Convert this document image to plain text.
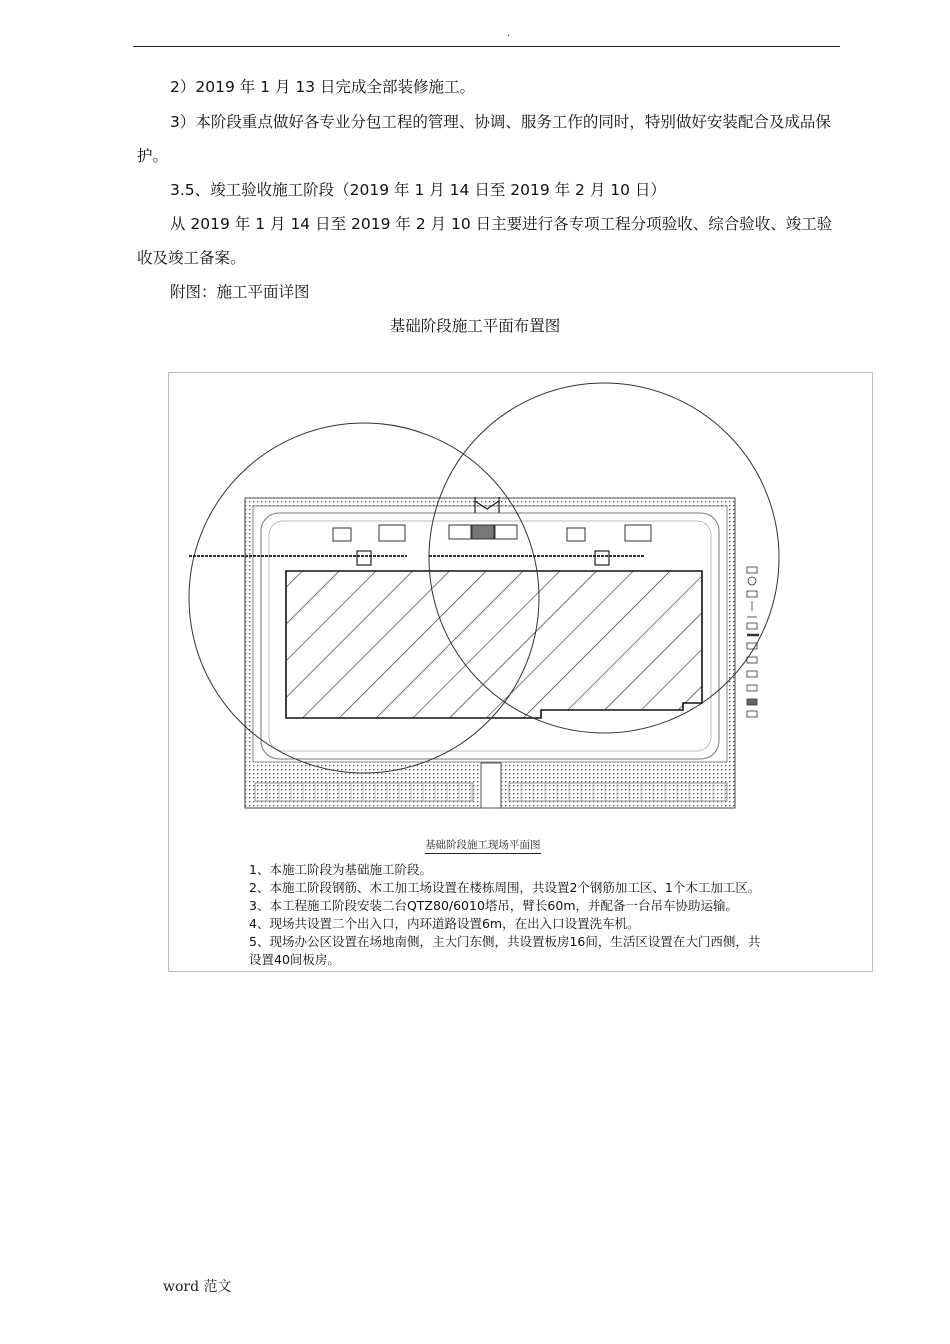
.
2）2019 年 1 月 13 日完成全部装修施工。
3）本阶段重点做好各专业分包工程的管理、协调、服务工作的同时，特别做好安装配合及成品保护。
3.5、竣工验收施工阶段（2019 年 1 月 14 日至 2019 年 2 月 10 日）
从 2019 年 1 月 14 日至 2019 年 2 月 10 日主要进行各专项工程分项验收、综合验收、竣工验收及竣工备案。
附图：施工平面详图
基础阶段施工平面布置图
基础阶段施工现场平面图
1、本施工阶段为基础施工阶段。
2、本施工阶段钢筋、木工加工场设置在楼栋周围，共设置2个钢筋加工区、1个木工加工区。
3、本工程施工阶段安装二台QTZ80/6010塔吊，臂长60m，并配备一台吊车协助运输。
4、现场共设置二个出入口，内环道路设置6m，在出入口设置洗车机。
5、现场办公区设置在场地南侧，主大门东侧，共设置板房16间，生活区设置在大门西侧，共
设置40间板房。
word 范文
